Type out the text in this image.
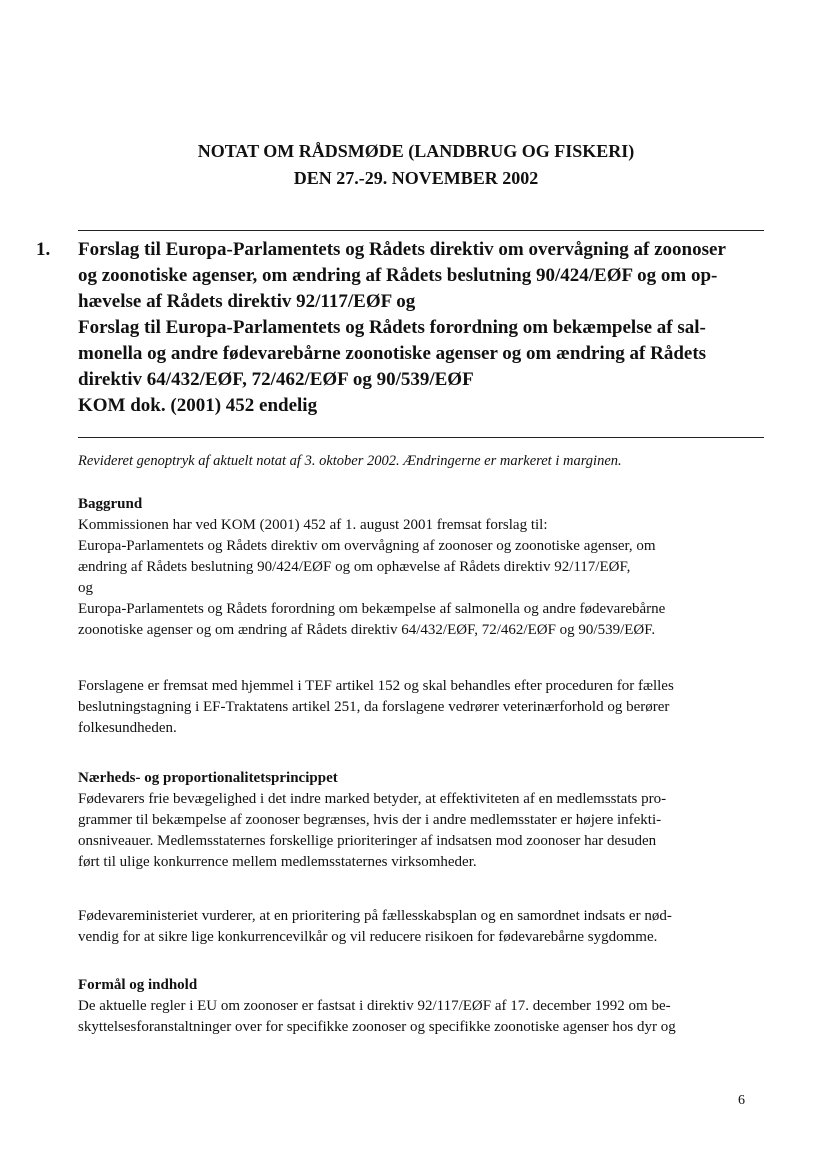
NOTAT OM RÅDSMØDE (LANDBRUG OG FISKERI)
DEN 27.-29. NOVEMBER 2002
1. Forslag til Europa-Parlamentets og Rådets direktiv om overvågning af zoonoser
og zoonotiske agenser, om ændring af Rådets beslutning 90/424/EØF og om op-
hævelse af Rådets direktiv 92/117/EØF og
Forslag til Europa-Parlamentets og Rådets forordning om bekæmpelse af sal-
monella og andre fødevarebårne zoonotiske agenser og om ændring af Rådets
direktiv 64/432/EØF, 72/462/EØF og 90/539/EØF
KOM dok. (2001) 452 endelig
Revideret genoptryk af aktuelt notat af 3. oktober 2002. Ændringerne er markeret i marginen.
Baggrund
Kommissionen har ved KOM (2001) 452 af 1. august 2001 fremsat forslag til:
Europa-Parlamentets og Rådets direktiv om overvågning af zoonoser og zoonotiske agenser, om
ændring af Rådets beslutning 90/424/EØF og om ophævelse af Rådets direktiv 92/117/EØF,
og
Europa-Parlamentets og Rådets forordning om bekæmpelse af salmonella og andre fødevarebårne
zoonotiske agenser og om ændring af Rådets direktiv 64/432/EØF, 72/462/EØF og 90/539/EØF.
Forslagene er fremsat med hjemmel i TEF artikel 152 og skal behandles efter proceduren for fælles
beslutningstagning i EF-Traktatens artikel 251, da forslagene vedrører veterinærforhold og berører
folkesundheden.
Nærheds- og proportionalitetsprincippet
Fødevarers frie bevægelighed i det indre marked betyder, at effektiviteten af en medlemsstats pro-
grammer til bekæmpelse af zoonoser begrænses, hvis der i andre medlemsstater er højere infekti-
onsniveauer. Medlemsstaternes forskellige prioriteringer af indsatsen mod zoonoser har desuden
ført til ulige konkurrence mellem medlemsstaternes virksomheder.
Fødevareministeriet vurderer, at en prioritering på fællesskabsplan og en samordnet indsats er nød-
vendig for at sikre lige konkurrencevilkår og vil reducere risikoen for fødevarebårne sygdomme.
Formål og indhold
De aktuelle regler i EU om zoonoser er fastsat i direktiv 92/117/EØF af 17. december 1992 om be-
skyttelsesforanstaltninger over for specifikke zoonoser og specifikke zoonotiske agenser hos dyr og
6
